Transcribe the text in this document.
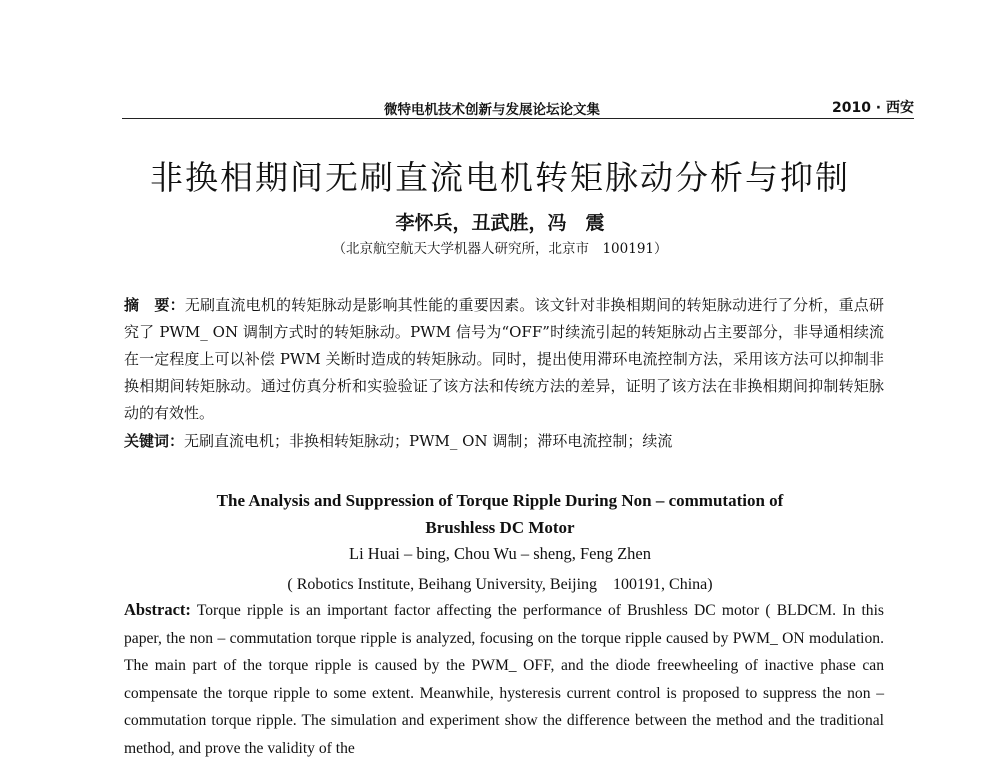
微特电机技术创新与发展论坛论文集	2010 · 西安
非换相期间无刷直流电机转矩脉动分析与抑制
李怀兵，丑武胜，冯　震
（北京航空航天大学机器人研究所，北京市　100191）
摘　要：无刷直流电机的转矩脉动是影响其性能的重要因素。该文针对非换相期间的转矩脉动进行了分析，重点研究了 PWM_ ON 调制方式时的转矩脉动。PWM 信号为“OFF”时续流引起的转矩脉动占主要部分，非导通相续流在一定程度上可以补偿 PWM 关断时造成的转矩脉动。同时，提出使用滞环电流控制方法，采用该方法可以抑制非换相期间转矩脉动。通过仿真分析和实验验证了该方法和传统方法的差异，证明了该方法在非换相期间抑制转矩脉动的有效性。
关键词：无刷直流电机；非换相转矩脉动；PWM_ ON 调制；滞环电流控制；续流
The Analysis and Suppression of Torque Ripple During Non – commutation of
Brushless DC Motor
Li Huai – bing, Chou Wu – sheng, Feng Zhen
( Robotics Institute, Beihang University, Beijing　100191, China)
Abstract: Torque ripple is an important factor affecting the performance of Brushless DC motor ( BLDCM. In this paper, the non – commutation torque ripple is analyzed, focusing on the torque ripple caused by PWM_ ON modulation. The main part of the torque ripple is caused by the PWM_ OFF, and the diode freewheeling of inactive phase can compensate the torque ripple to some extent. Meanwhile, hysteresis current control is proposed to suppress the non – commutation torque ripple. The simulation and experiment show the difference between the method and the traditional method, and prove the validity of the
